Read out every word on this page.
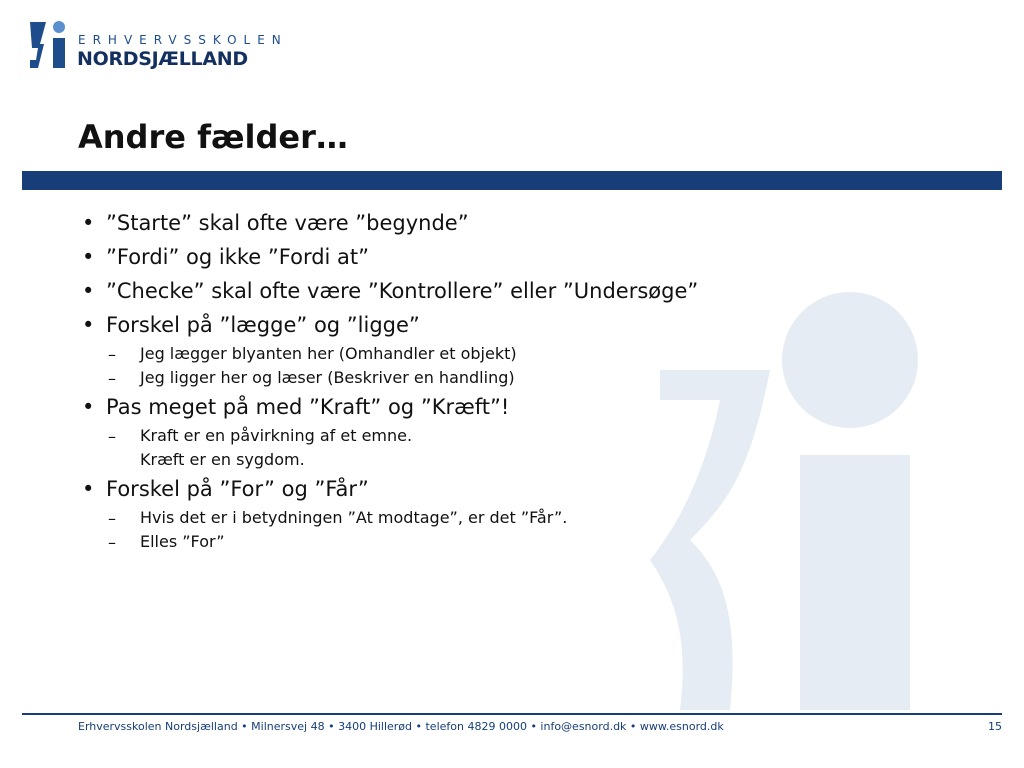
ERHVERVSSKOLEN
NORDSJÆLLAND
Andre fælder…
• ”Starte” skal ofte være ”begynde”
• ”Fordi” og ikke ”Fordi at”
• ”Checke” skal ofte være ”Kontrollere” eller ”Undersøge”
• Forskel på ”lægge” og ”ligge”
– Jeg lægger blyanten her (Omhandler et objekt)
– Jeg ligger her og læser (Beskriver en handling)
• Pas meget på med ”Kraft” og ”Kræft”!
– Kraft er en påvirkning af et emne.
Kræft er en sygdom.
• Forskel på ”For” og ”Får”
– Hvis det er i betydningen ”At modtage”, er det ”Får”.
– Elles ”For”
Erhvervsskolen Nordsjælland • Milnersvej 48 • 3400 Hillerød • telefon 4829 0000 • info@esnord.dk • www.esnord.dk	15
